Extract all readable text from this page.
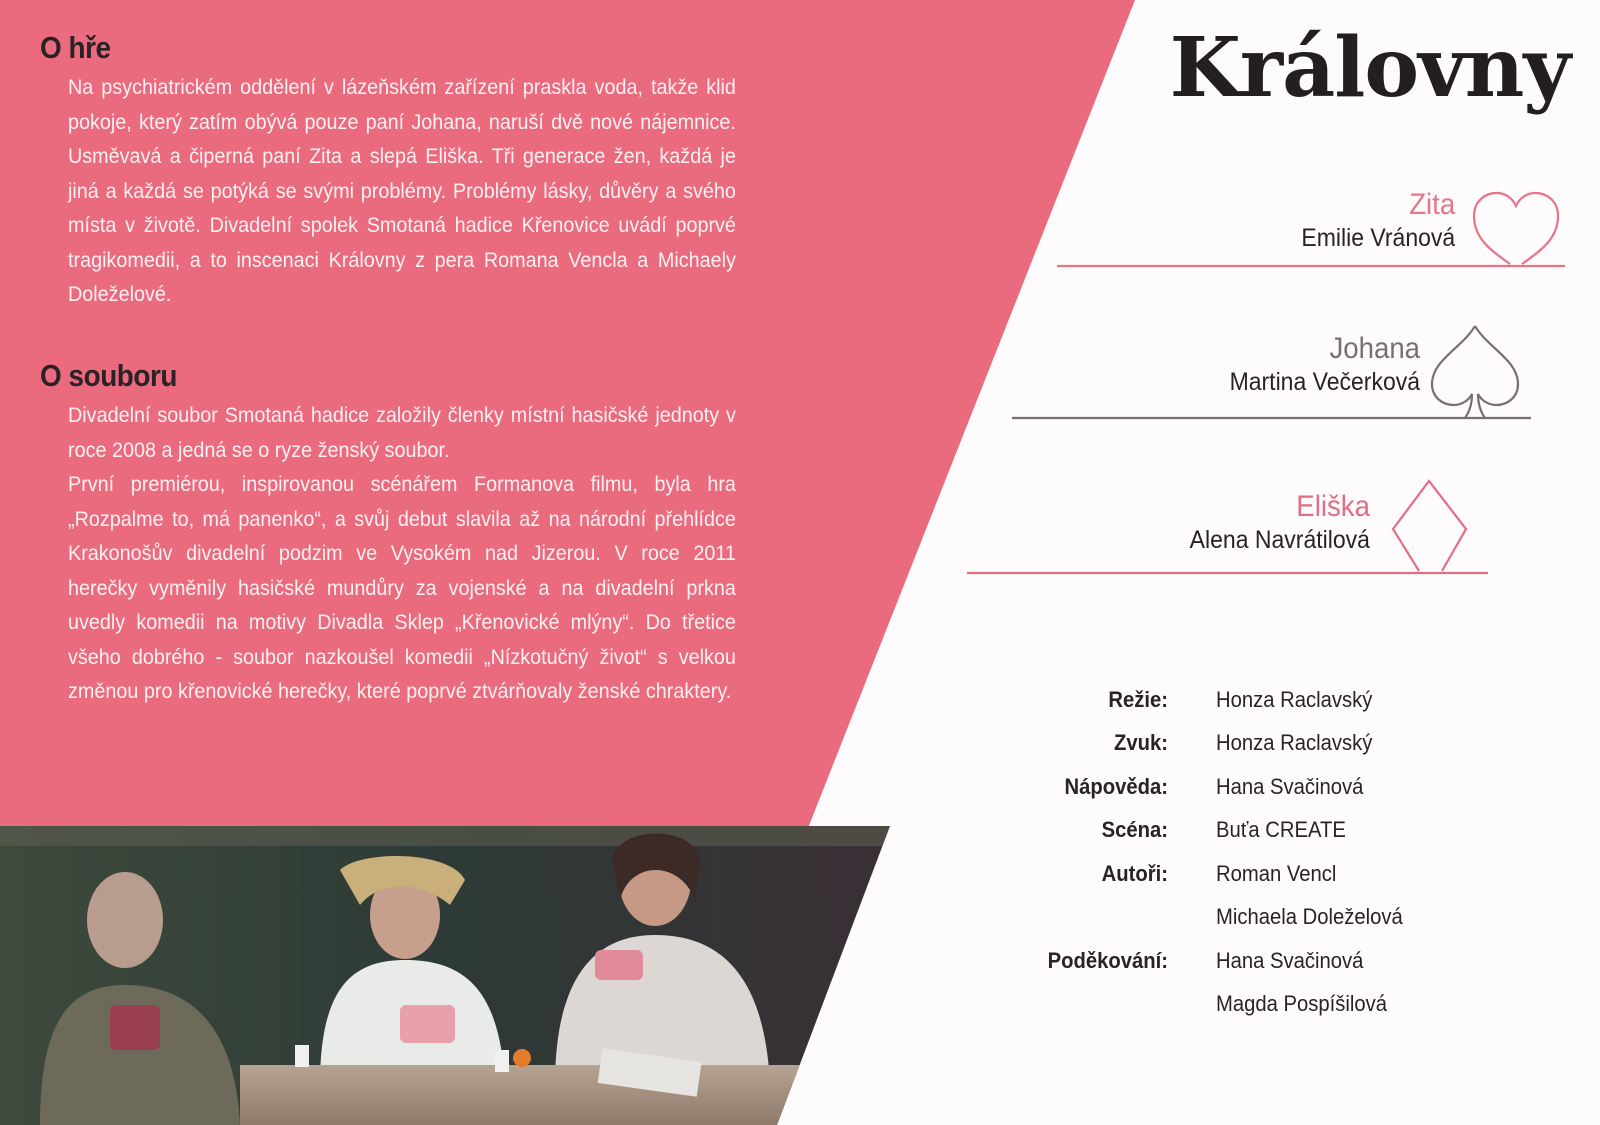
O hře

Na psychiatrickém oddělení v lázeňském zařízení praskla voda, takže klid pokoje, který zatím obývá pouze paní Johana, naruší dvě nové nájemnice. Usměvavá a čiperná paní Zita a slepá Eliška. Tři generace žen, každá je jiná a každá se potýká se svými problémy. Problémy lásky, důvěry a svého místa v životě. Divadelní spolek Smotaná hadice Křenovice uvádí poprvé tragikomedii, a to inscenaci Královny z pera Romana Vencla a Michaely Doleželové.

O souboru

Divadelní soubor Smotaná hadice založily členky místní hasičské jednoty v roce 2008 a jedná se o ryze ženský soubor.

První premiérou, inspirovanou scénářem Formanova filmu, byla hra „Rozpalme to, má panenko“, a svůj debut slavila až na národní přehlídce Krakonošův divadelní podzim ve Vysokém nad Jizerou. V roce 2011 herečky vyměnily hasičské mundůry za vojenské a na divadelní prkna uvedly komedii na motivy Divadla Sklep „Křenovické mlýny“. Do třetice všeho dobrého - soubor nazkoušel komedii „Nízkotučný život“ s velkou změnou pro křenovické herečky, které poprvé ztvárňovaly ženské chraktery.

Královny
Zita
Emilie Vránová
Johana
Martina Večerková
Eliška
Alena Navrátilová
Režie: Honza Raclavský
Zvuk: Honza Raclavský
Nápověda: Hana Svačinová
Scéna: Buťa CREATE
Autoři: Roman Vencl
Michaela Doleželová
Poděkování: Hana Svačinová
Magda Pospíšilová
